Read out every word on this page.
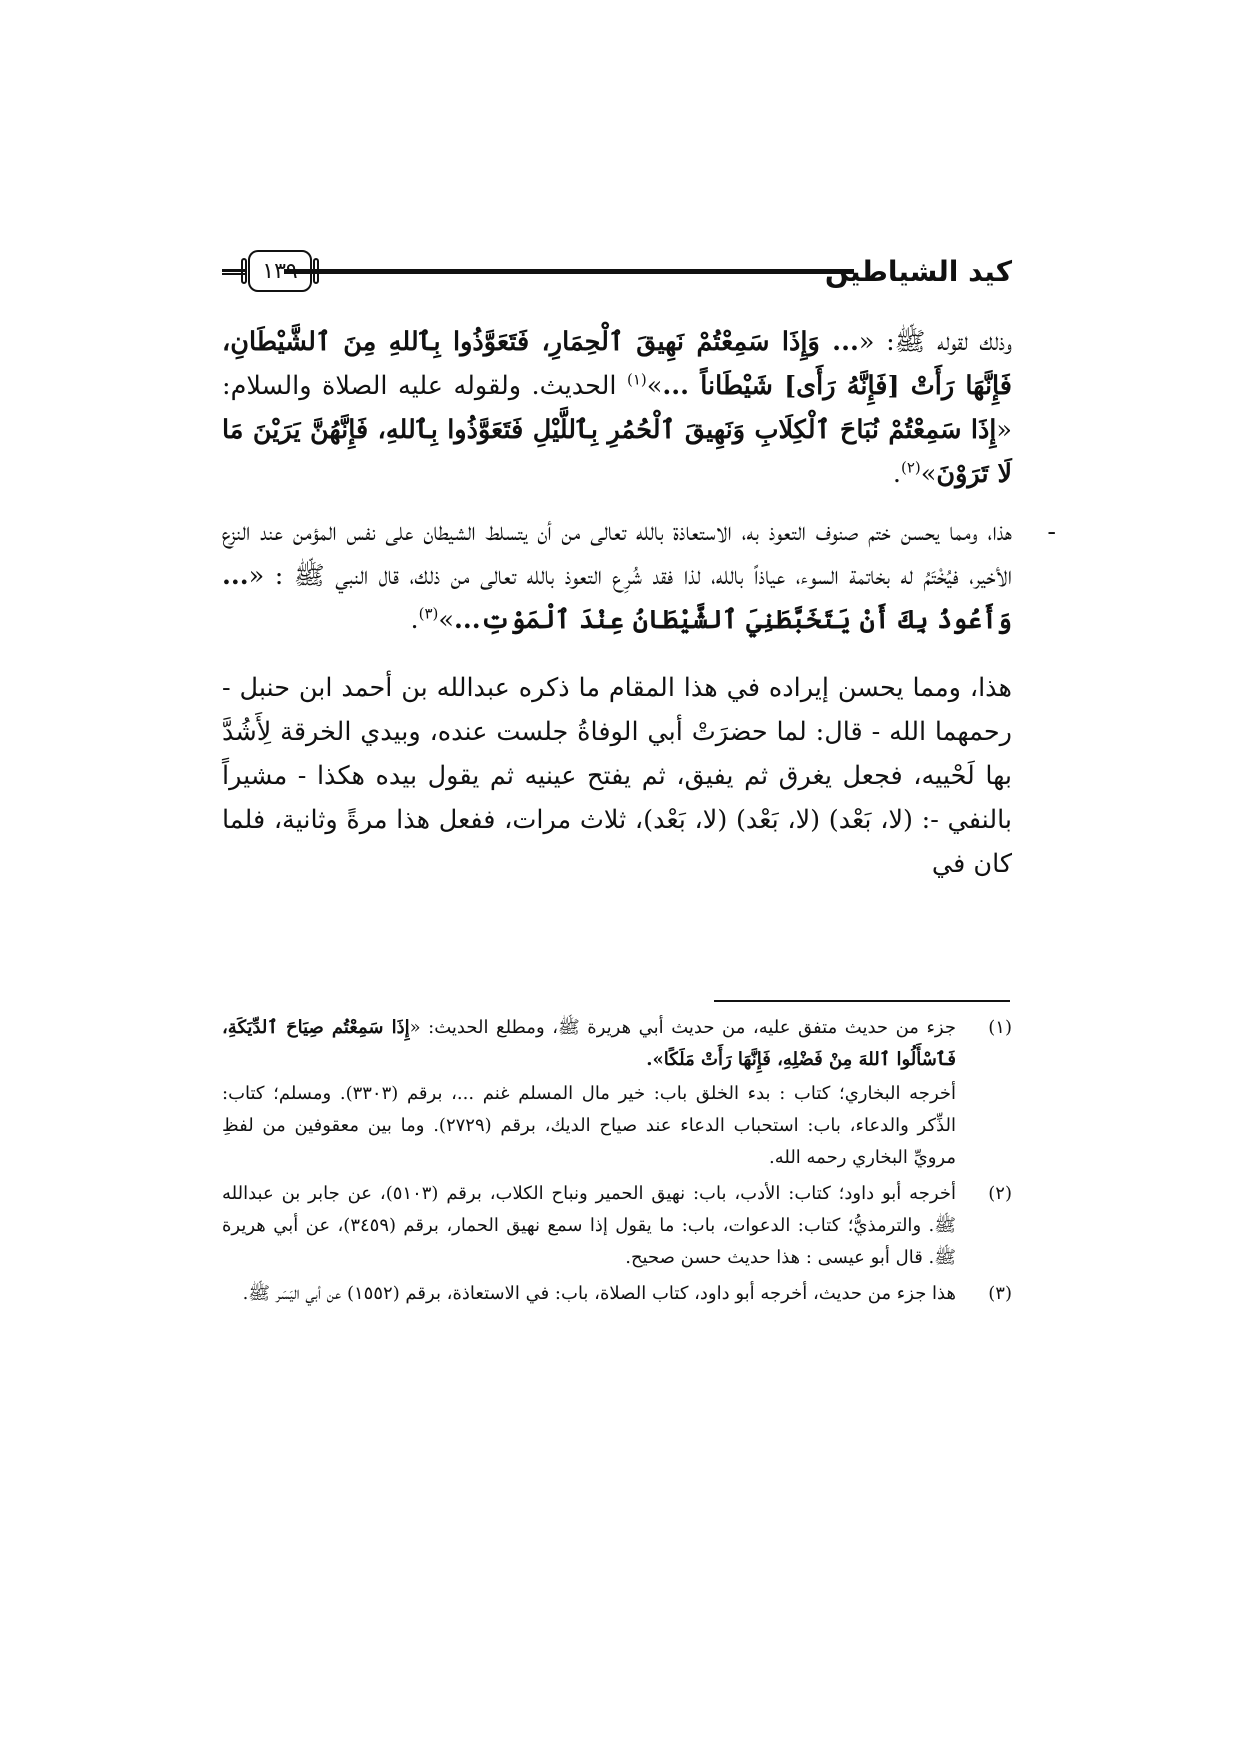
كيد الشياطين
١٣٩

وذلك لقوله ﷺ: «... وَإِذَا سَمِعْتُمْ نَهِيقَ ٱلْحِمَارِ، فَتَعَوَّذُوا بِٱللهِ مِنَ ٱلشَّيْطَانِ، فَإِنَّهَا رَأَتْ [فَإِنَّهُ رَأَى] شَيْطَاناً ...»$^{(١)}$ الحديث. ولقوله عليه الصلاة والسلام: «إِذَا سَمِعْتُمْ نُبَاحَ ٱلْكِلَابِ وَنَهِيقَ ٱلْحُمُرِ بِٱللَّيْلِ فَتَعَوَّذُوا بِٱللهِ، فَإِنَّهُنَّ يَرَيْنَ مَا لَا تَرَوْنَ»$^{(٢)}$.

-
هذا، ومما يحسن ختم صنوف التعوذ به، الاستعاذة بالله تعالى من أن يتسلط الشيطان على نفس المؤمن عند النزع الأخير، فيُخْتَمُ له بخاتمة السوء، عياذاً بالله، لذا فقد شُرِع التعوذ بالله تعالى من ذلك، قال النبي ﷺ : «... وَأَعُوذُ بِكَ أَنْ يَتَخَبَّطَنِيَ ٱلشَّيْطَانُ عِنْدَ ٱلْمَوْتِ...»$^{(٣)}$.

هذا، ومما يحسن إيراده في هذا المقام ما ذكره عبدالله بن أحمد ابن حنبل - رحمهما الله - قال: لما حضرَتْ أبي الوفاةُ جلست عنده، وبيدي الخرقة لِأَشُدَّ بها لَحْييه، فجعل يغرق ثم يفيق، ثم يفتح عينيه ثم يقول بيده هكذا - مشيراً بالنفي -: (لا، بَعْد) (لا، بَعْد) (لا، بَعْد)، ثلاث مرات، ففعل هذا مرةً وثانية، فلما كان في

(١)

جزء من حديث متفق عليه، من حديث أبي هريرة ﷺ، ومطلع الحديث: «إِذَا سَمِعْتُم صِيَاحَ ٱلدِّيَكَةِ، فَٱسْأَلُوا ٱللهَ مِنْ فَضْلِهِ، فَإِنَّهَا رَأَتْ مَلَكًا».

أخرجه البخاري؛ كتاب : بدء الخلق باب: خير مال المسلم غنم ...، برقم (٣٣٠٣). ومسلم؛ كتاب: الذِّكر والدعاء، باب: استحباب الدعاء عند صياح الديك، برقم (٢٧٢٩). وما بين معقوفين من لفظِ مرويِّ البخاري رحمه الله.

(٢)

أخرجه أبو داود؛ كتاب: الأدب، باب: نهيق الحمير ونباح الكلاب، برقم (٥١٠٣)، عن جابر بن عبدالله ﷺ. والترمذيُّ؛ كتاب: الدعوات، باب: ما يقول إذا سمع نهيق الحمار، برقم (٣٤٥٩)، عن أبي هريرة ﷺ. قال أبو عيسى : هذا حديث حسن صحيح.

(٣)

هذا جزء من حديث، أخرجه أبو داود، كتاب الصلاة، باب: في الاستعاذة، برقم (١٥٥٢) عن أبي اليَسَر ﷺ.
